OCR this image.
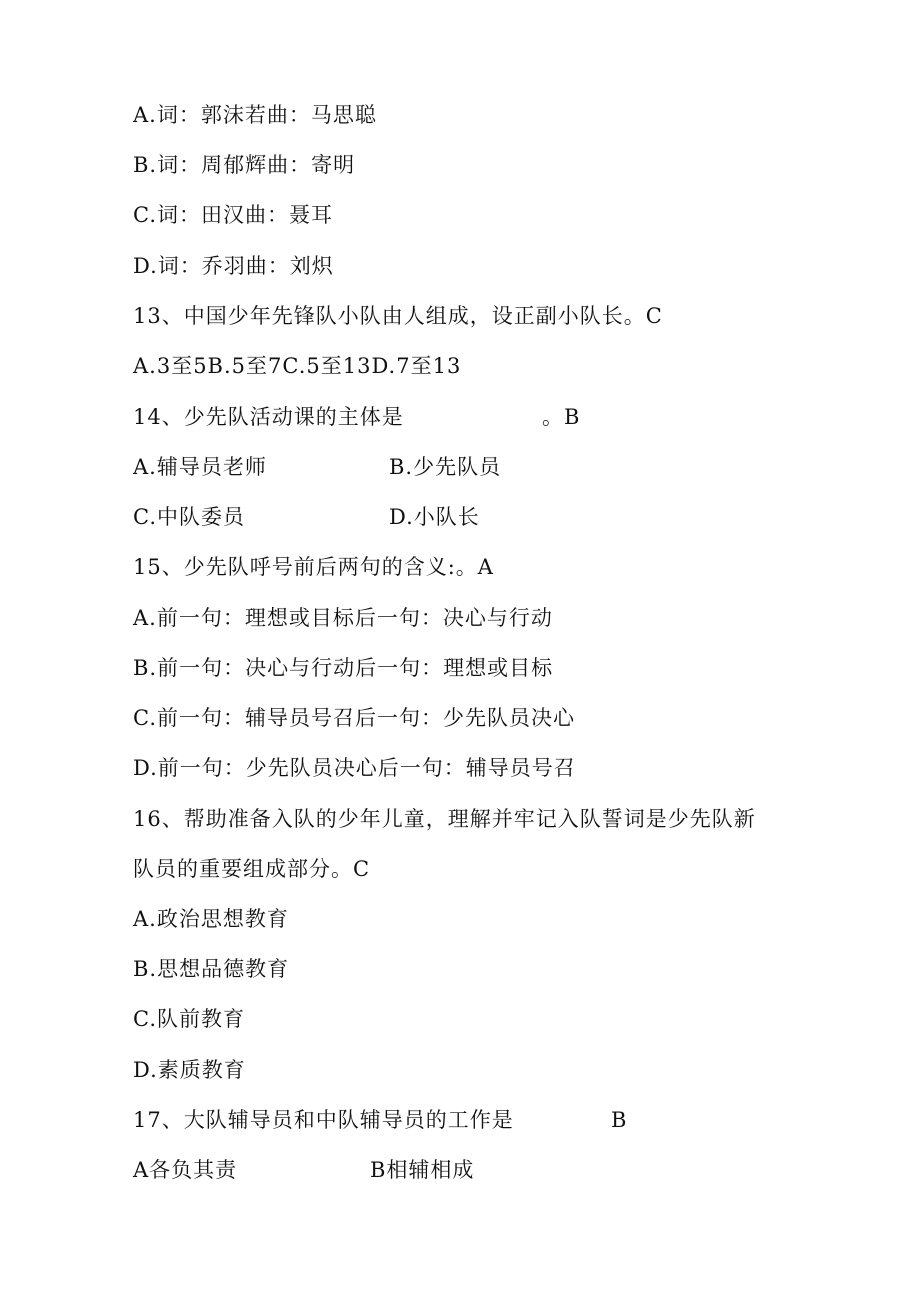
A.词：郭沫若曲：马思聪
B.词：周郁辉曲：寄明
C.词：田汉曲：聂耳
D.词：乔羽曲：刘炽
13、中国少年先锋队小队由人组成，设正副小队长。C
A.3至5B.5至7C.5至13D.7至13
14、少先队活动课的主体是	。B
A.辅导员老师	B.少先队员
C.中队委员	D.小队长
15、少先队呼号前后两句的含义:。A
A.前一句：理想或目标后一句：决心与行动
B.前一句：决心与行动后一句：理想或目标
C.前一句：辅导员号召后一句：少先队员决心
D.前一句：少先队员决心后一句：辅导员号召
16、帮助准备入队的少年儿童，理解并牢记入队誓词是少先队新
队员的重要组成部分。C
A.政治思想教育
B.思想品德教育
C.队前教育
D.素质教育
17、大队辅导员和中队辅导员的工作是	B
A各负其责	B相辅相成
